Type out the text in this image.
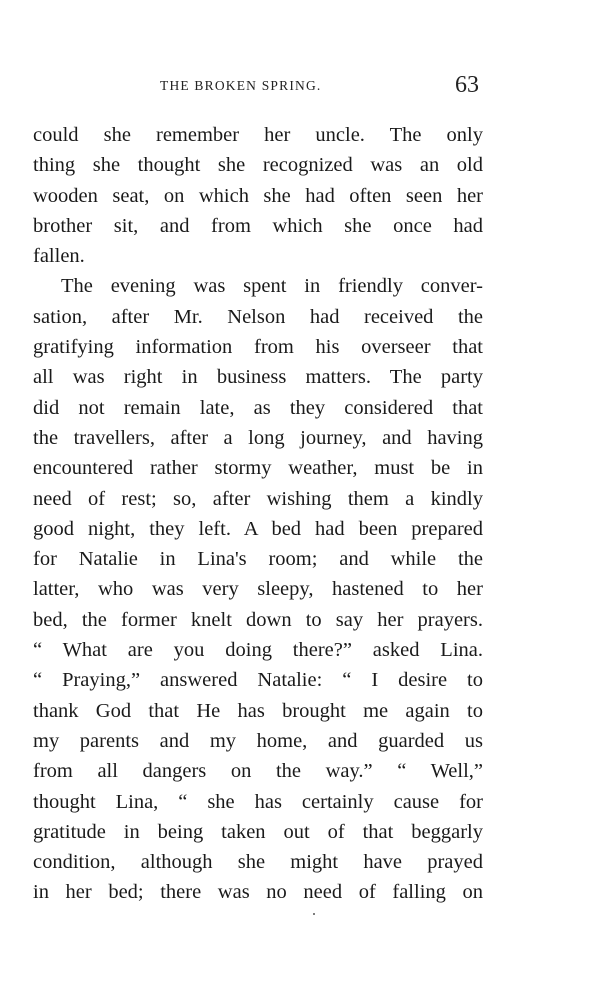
THE BROKEN SPRING.	63
could she remember her uncle. The only
thing she thought she recognized was an old
wooden seat, on which she had often seen her
brother sit, and from which she once had
fallen.
The evening was spent in friendly conver-
sation, after Mr. Nelson had received the
gratifying information from his overseer that
all was right in business matters. The party
did not remain late, as they considered that
the travellers, after a long journey, and having
encountered rather stormy weather, must be in
need of rest; so, after wishing them a kindly
good night, they left. A bed had been prepared
for Natalie in Lina's room; and while the
latter, who was very sleepy, hastened to her
bed, the former knelt down to say her prayers.
“ What are you doing there?” asked Lina.
“ Praying,” answered Natalie: “ I desire to
thank God that He has brought me again to
my parents and my home, and guarded us
from all dangers on the way.” “ Well,”
thought Lina, “ she has certainly cause for
gratitude in being taken out of that beggarly
condition, although she might have prayed
in her bed; there was no need of falling on
